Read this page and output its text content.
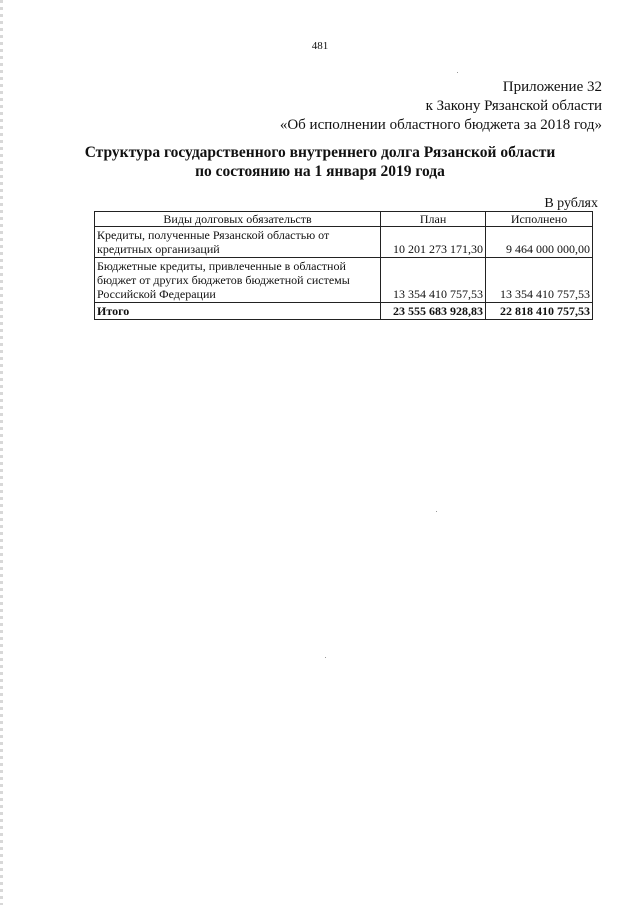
481
Приложение 32
к Закону Рязанской области
«Об исполнении областного бюджета за 2018 год»
Структура государственного внутреннего долга Рязанской области
по состоянию на 1 января 2019 года
В рублях
Виды долговых обязательств	План	Исполнено
Кредиты, полученные Рязанской областью от кредитных организаций	10 201 273 171,30	9 464 000 000,00
Бюджетные кредиты, привлеченные в областной бюджет от других бюджетов бюджетной системы Российской Федерации	13 354 410 757,53	13 354 410 757,53
Итого	23 555 683 928,83	22 818 410 757,53
